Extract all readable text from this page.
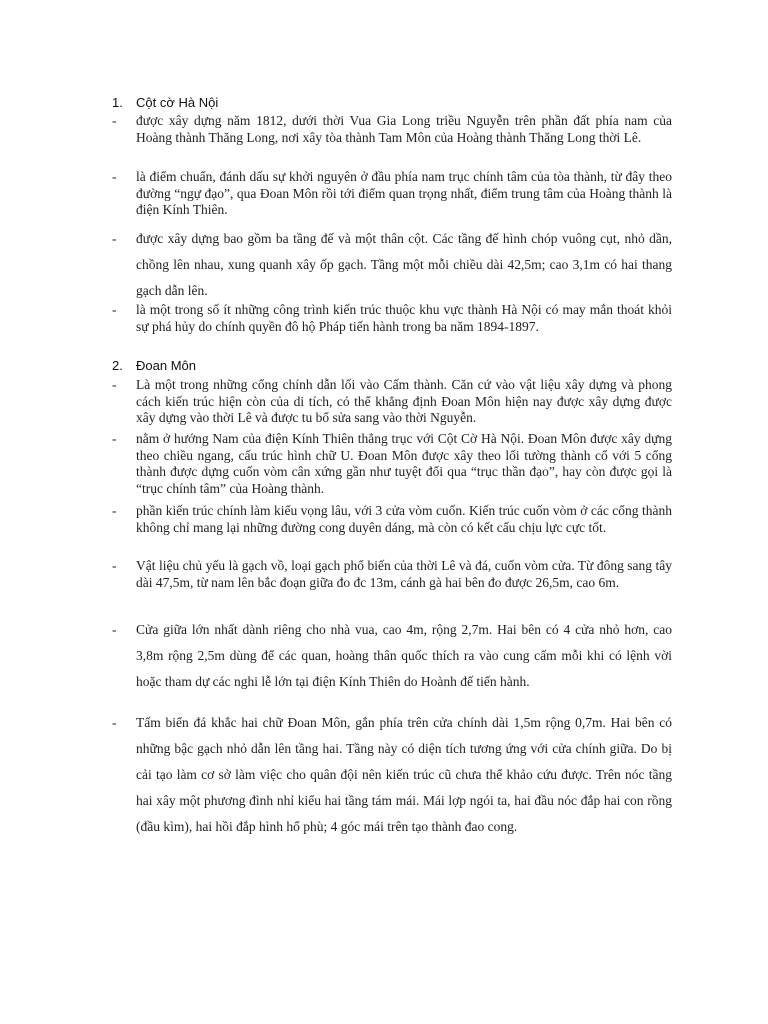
1. Cột cờ Hà Nội
- được xây dựng năm 1812, dưới thời Vua Gia Long triều Nguyễn trên phần đất phía nam của Hoàng thành Thăng Long, nơi xây tòa thành Tam Môn của Hoàng thành Thăng Long thời Lê.
- là điểm chuẩn, đánh dấu sự khởi nguyên ở đầu phía nam trục chính tâm của tòa thành, từ đây theo đường “ngự đạo”, qua Đoan Môn rồi tới điểm quan trọng nhất, điểm trung tâm của Hoàng thành là điện Kính Thiên.
- được xây dựng bao gồm ba tầng đế và một thân cột. Các tầng đế hình chóp vuông cụt, nhỏ dần, chồng lên nhau, xung quanh xây ốp gạch. Tầng một mỗi chiều dài 42,5m; cao 3,1m có hai thang gạch dẫn lên.
- là một trong số ít những công trình kiến trúc thuộc khu vực thành Hà Nội có may mắn thoát khỏi sự phá hủy do chính quyền đô hộ Pháp tiến hành trong ba năm 1894-1897.
2. Đoan Môn
- Là một trong những cổng chính dẫn lối vào Cấm thành. Căn cứ vào vật liệu xây dựng và phong cách kiến trúc hiện còn của di tích, có thể khẳng định Đoan Môn hiện nay được xây dựng được xây dựng vào thời Lê và được tu bổ sửa sang vào thời Nguyễn.
- nằm ở hướng Nam của điện Kính Thiên thẳng trục với Cột Cờ Hà Nội. Đoan Môn được xây dựng theo chiều ngang, cấu trúc hình chữ U. Đoan Môn được xây theo lối tường thành cổ với 5 cổng thành được dựng cuốn vòm cân xứng gần như tuyệt đối qua “trục thần đạo”, hay còn được gọi là “trục chính tâm” của Hoàng thành.
- phần kiến trúc chính làm kiểu vọng lâu, với 3 cửa vòm cuốn. Kiến trúc cuốn vòm ở các cổng thành không chỉ mang lại những đường cong duyên dáng, mà còn có kết cấu chịu lực cực tốt.
- Vật liệu chủ yếu là gạch vồ, loại gạch phổ biến của thời Lê và đá, cuốn vòm cửa. Từ đông sang tây dài 47,5m, từ nam lên bắc đoạn giữa đo đc 13m, cánh gà hai bên đo được 26,5m, cao 6m.
- Cửa giữa lớn nhất dành riêng cho nhà vua, cao 4m, rộng 2,7m. Hai bên có 4 cửa nhỏ hơn, cao 3,8m rộng 2,5m dùng để các quan, hoàng thân quốc thích ra vào cung cấm mỗi khi có lệnh vời hoặc tham dự các nghi lễ lớn tại điện Kính Thiên do Hoành đế tiến hành.
- Tấm biển đá khắc hai chữ Đoan Môn, gắn phía trên cửa chính dài 1,5m rộng 0,7m. Hai bên có những bậc gạch nhỏ dẫn lên tầng hai. Tầng này có diện tích tương ứng với cửa chính giữa. Do bị cải tạo làm cơ sở làm việc cho quân đội nên kiến trúc cũ chưa thể khảo cứu được. Trên nóc tầng hai xây một phương đình nhỉ kiểu hai tầng tám mái. Mái lợp ngói ta, hai đầu nóc đắp hai con rồng (đầu kìm), hai hồi đắp hình hổ phù; 4 góc mái trên tạo thành đao cong.
